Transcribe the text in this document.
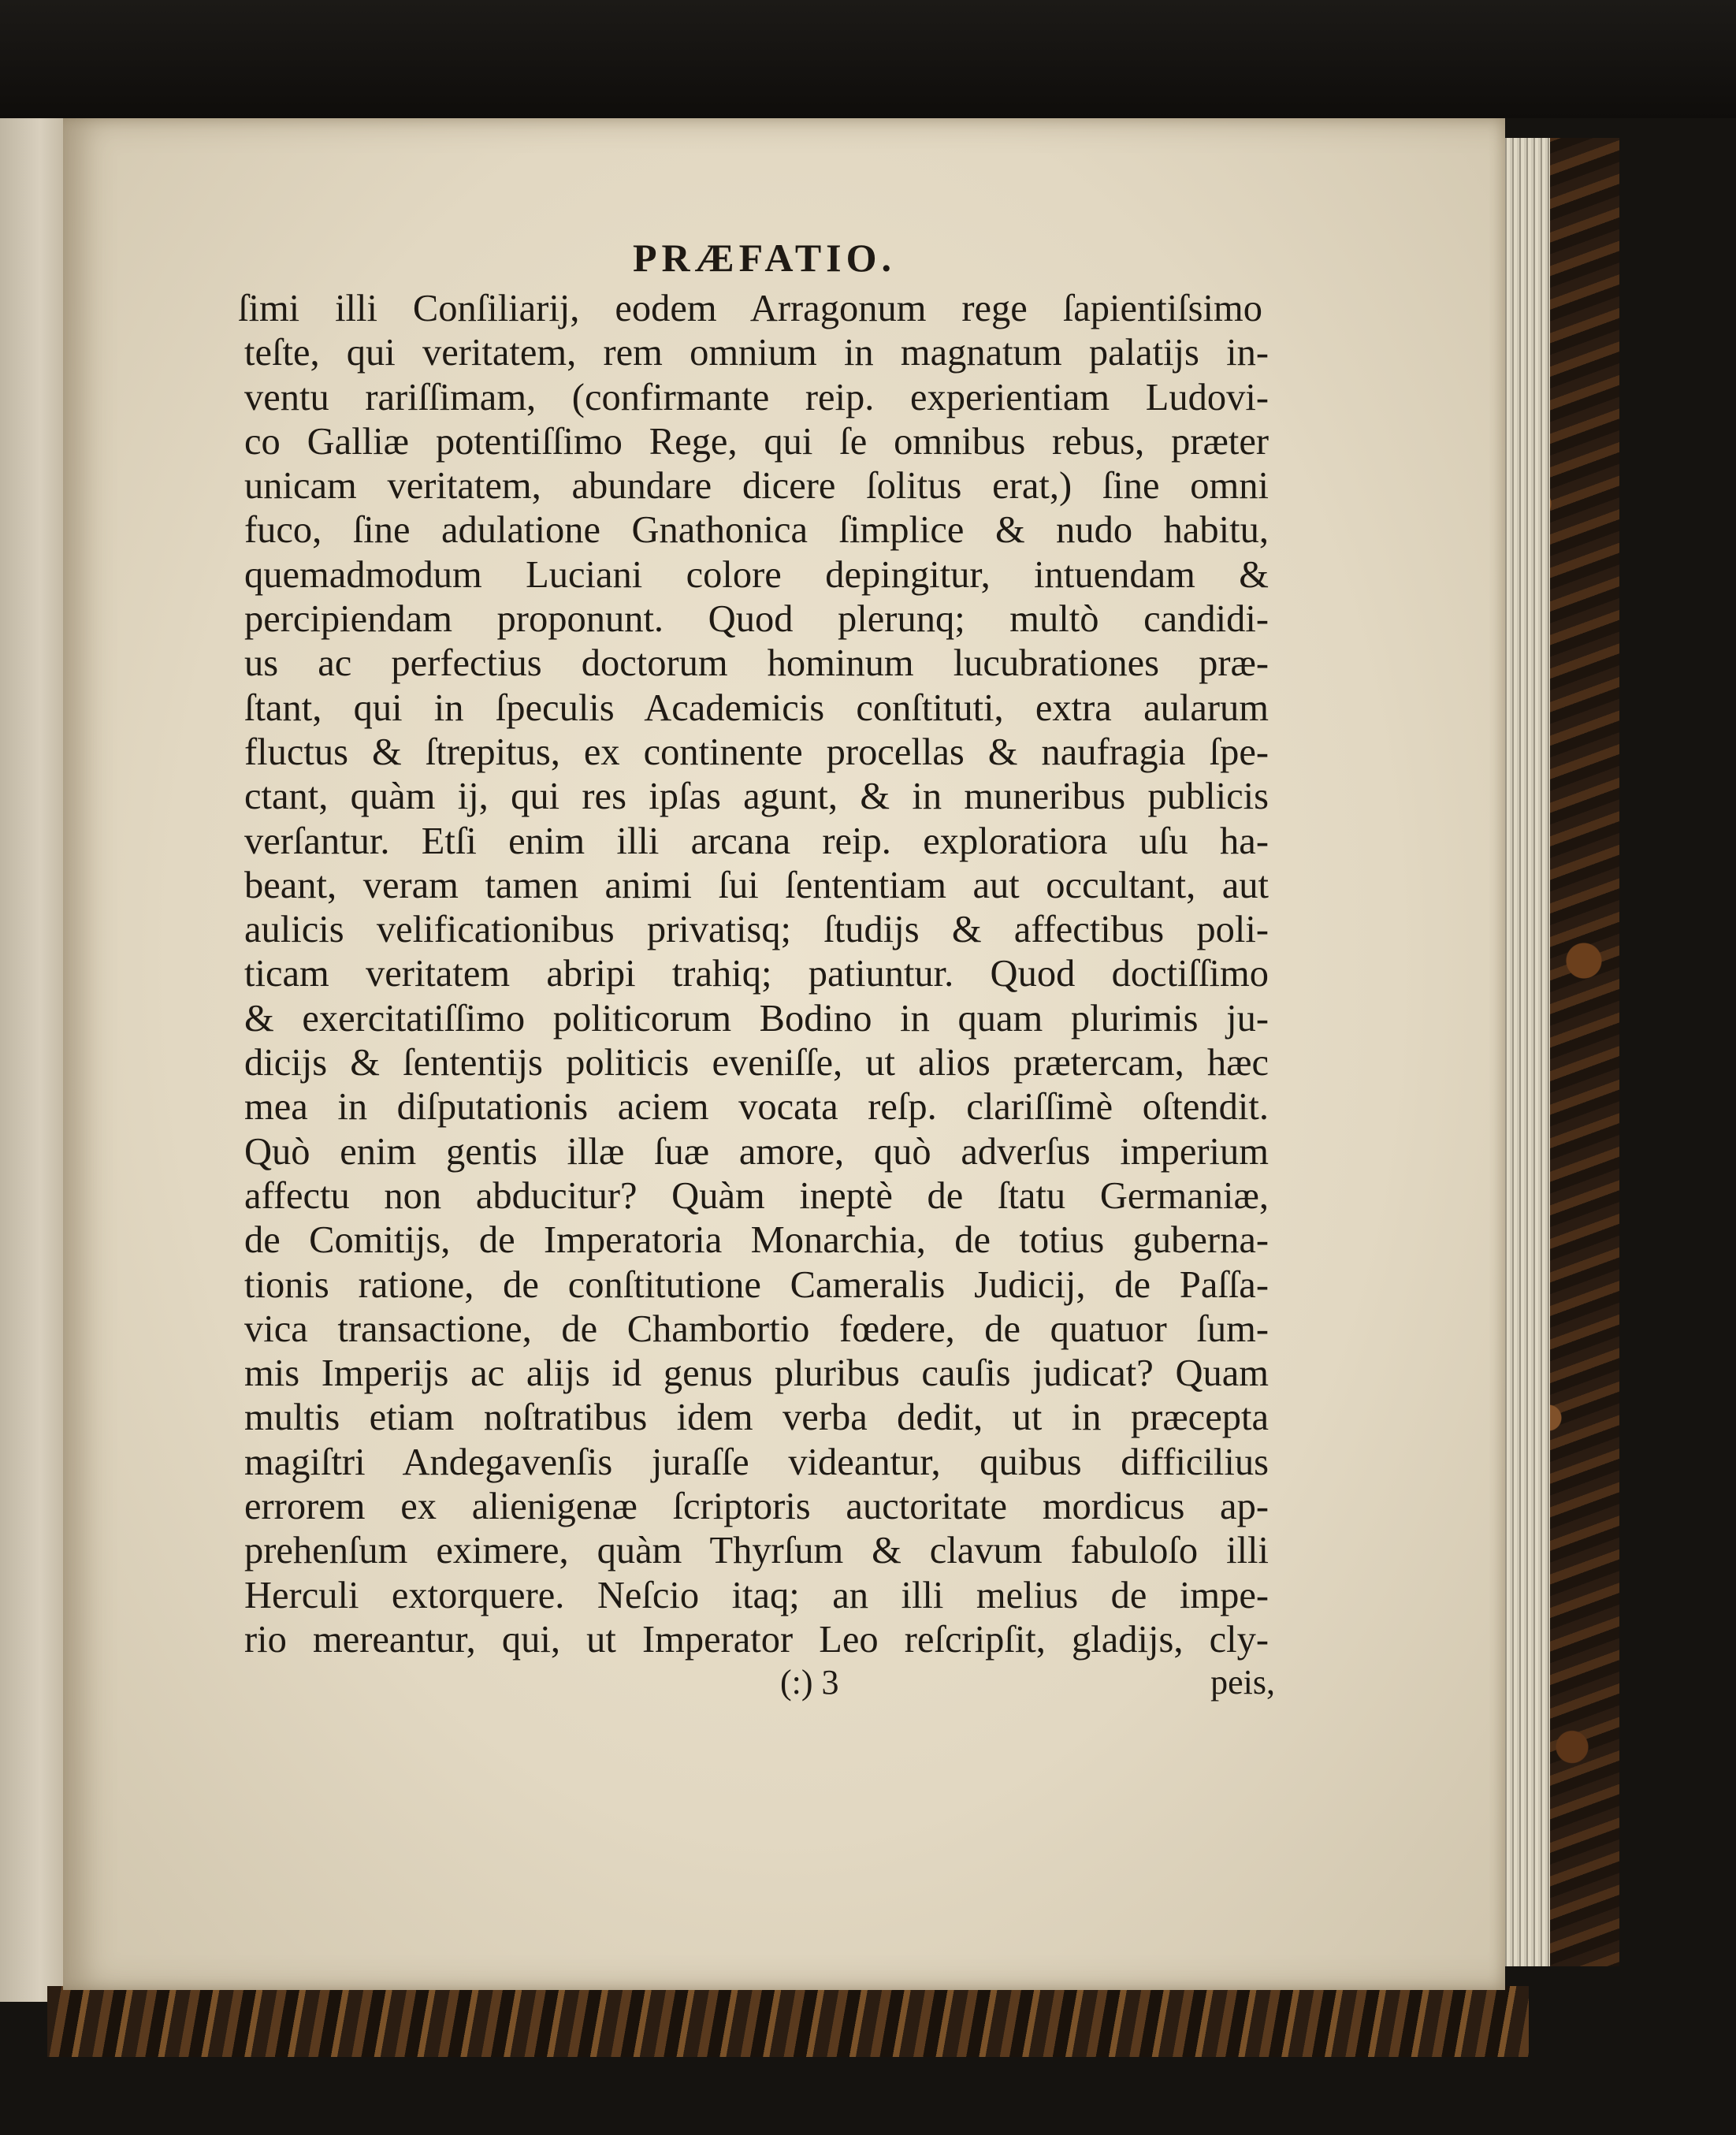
PRÆFATIO.
ſimi illi Conſiliarij, eodem Arragonum rege ſapientiſsimo
teſte, qui veritatem, rem omnium in magnatum palatijs in-
ventu rariſſimam, (confirmante reip. experientiam Ludovi-
co Galliæ potentiſſimo Rege, qui ſe omnibus rebus, præter
unicam veritatem, abundare dicere ſolitus erat,) ſine omni
fuco, ſine adulatione Gnathonica ſimplice & nudo habitu,
quemadmodum Luciani colore depingitur, intuendam &
percipiendam proponunt. Quod plerunq; multò candidi-
us ac perfectius doctorum hominum lucubrationes præ-
ſtant, qui in ſpeculis Academicis conſtituti, extra aularum
fluctus & ſtrepitus, ex continente procellas & naufragia ſpe-
ctant, quàm ij, qui res ipſas agunt, & in muneribus publicis
verſantur. Etſi enim illi arcana reip. exploratiora uſu ha-
beant, veram tamen animi ſui ſententiam aut occultant, aut
aulicis velificationibus privatisq; ſtudijs & affectibus poli-
ticam veritatem abripi trahiq; patiuntur. Quod doctiſſimo
& exercitatiſſimo politicorum Bodino in quam plurimis ju-
dicijs & ſententijs politicis eveniſſe, ut alios prætercam, hæc
mea in diſputationis aciem vocata reſp. clariſſimè oſtendit.
Quò enim gentis illæ ſuæ amore, quò adverſus imperium
affectu non abducitur? Quàm ineptè de ſtatu Germaniæ,
de Comitijs, de Imperatoria Monarchia, de totius guberna-
tionis ratione, de conſtitutione Cameralis Judicij, de Paſſa-
vica transactione, de Chambortio fœdere, de quatuor ſum-
mis Imperijs ac alijs id genus pluribus cauſis judicat? Quam
multis etiam noſtratibus idem verba dedit, ut in præcepta
magiſtri Andegavenſis juraſſe videantur, quibus difficilius
errorem ex alienigenæ ſcriptoris auctoritate mordicus ap-
prehenſum eximere, quàm Thyrſum & clavum fabuloſo illi
Herculi extorquere. Neſcio itaq; an illi melius de impe-
rio mereantur, qui, ut Imperator Leo reſcripſit, gladijs, cly-
(:) 3	peis,
